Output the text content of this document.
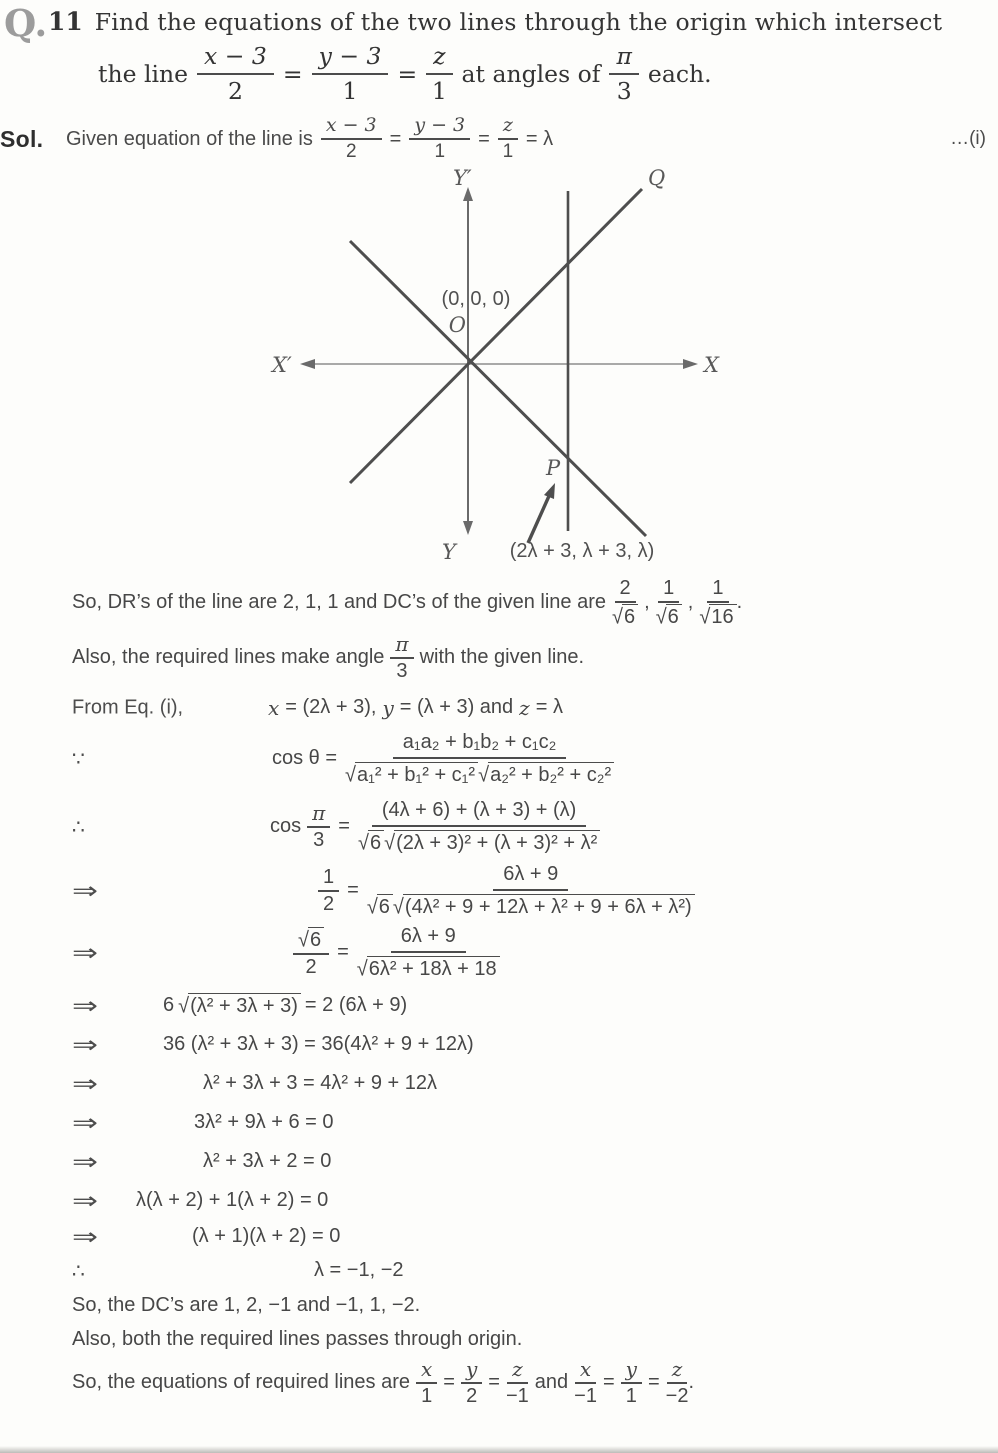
Q. 11 Find the equations of the two lines through the origin which intersect
the line $\frac{x - 3}{2} = \frac{y - 3}{1} = \frac{z}{1}$ at angles of $\frac{\pi}{3}$ each.
Sol.	Given equation of the line is $\frac{x - 3}{2} = \frac{y - 3}{1} = \frac{z}{1} = \lambda$	…(i)
Y′
Y
X′	X
Q
O
(0, 0, 0)
P
(2λ + 3, λ + 3, λ)
So, DR’s of the line are 2, 1, 1 and DC’s of the given line are $\frac{2}{√6}$ , $\frac{1}{√6}$ , $\frac{1}{√16}$ .
Also, the required lines make angle $\frac{\pi}{3}$ with the given line.
From Eq. (i),	x = (2λ + 3), y = (λ + 3) and z = λ
∵	$\cos \theta = \frac{\text{a₁a₂ + b₁b₂ + c₁c₂}}{\text{√a₁² + b₁² + c₁² √a₂² + b₂² + c₂²}}$
∴	$\cos \frac{\pi}{3} = \frac{(4\lambda + 6) + (\lambda + 3) + (\lambda)}{\text{√6 √(2λ + 3)² + (λ + 3)² + λ²}}$
⇒	$\frac{1}{2} = \frac{6\lambda + 9}{\text{√6 √(4λ² + 9 + 12λ + λ² + 9 + 6λ + λ²)}}$
⇒	$\frac{√6}{2} = \frac{6\lambda + 9}{\text{√6λ² + 18λ + 18}}$
⇒	6 √(λ² + 3λ + 3) = 2 (6λ + 9)
⇒	36 (λ² + 3λ + 3) = 36(4λ² + 9 + 12λ)
⇒	λ² + 3λ + 3 = 4λ² + 9 + 12λ
⇒	3λ² + 9λ + 6 = 0
⇒	λ² + 3λ + 2 = 0
⇒ λ(λ + 2) + 1(λ + 2) = 0
⇒	(λ + 1)(λ + 2) = 0
∴	λ = −1, −2
So, the DC’s are 1, 2, −1 and −1, 1, −2.
Also, both the required lines passes through origin.
So, the equations of required lines are $\frac{x}{1} = \frac{y}{2} = \frac{z}{-1}$ and $\frac{x}{-1} = \frac{y}{1} = \frac{z}{-2}$ .
